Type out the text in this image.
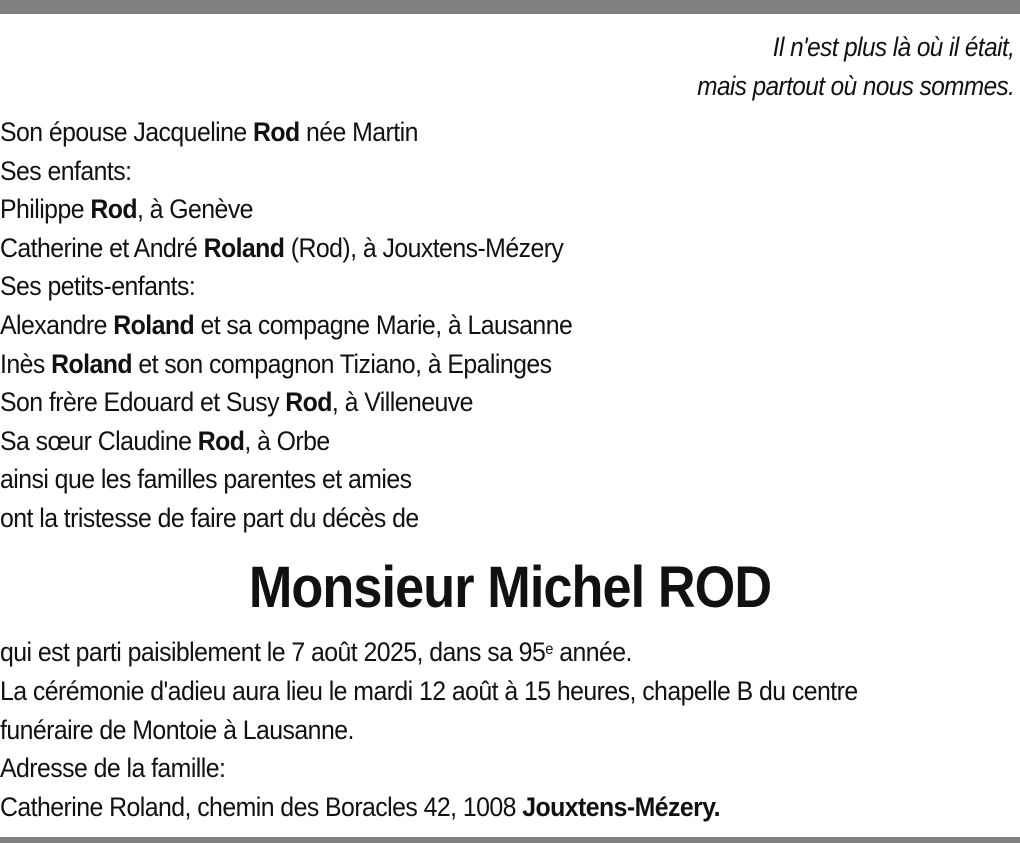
Il n'est plus là où il était,
mais partout où nous sommes.
Son épouse Jacqueline Rod née Martin
Ses enfants:
Philippe Rod, à Genève
Catherine et André Roland (Rod), à Jouxtens-Mézery
Ses petits-enfants:
Alexandre Roland et sa compagne Marie, à Lausanne
Inès Roland et son compagnon Tiziano, à Epalinges
Son frère Edouard et Susy Rod, à Villeneuve
Sa sœur Claudine Rod, à Orbe
ainsi que les familles parentes et amies
ont la tristesse de faire part du décès de
Monsieur Michel ROD
qui est parti paisiblement le 7 août 2025, dans sa 95e année.
La cérémonie d'adieu aura lieu le mardi 12 août à 15 heures, chapelle B du centre
funéraire de Montoie à Lausanne.
Adresse de la famille:
Catherine Roland, chemin des Boracles 42, 1008 Jouxtens-Mézery.
